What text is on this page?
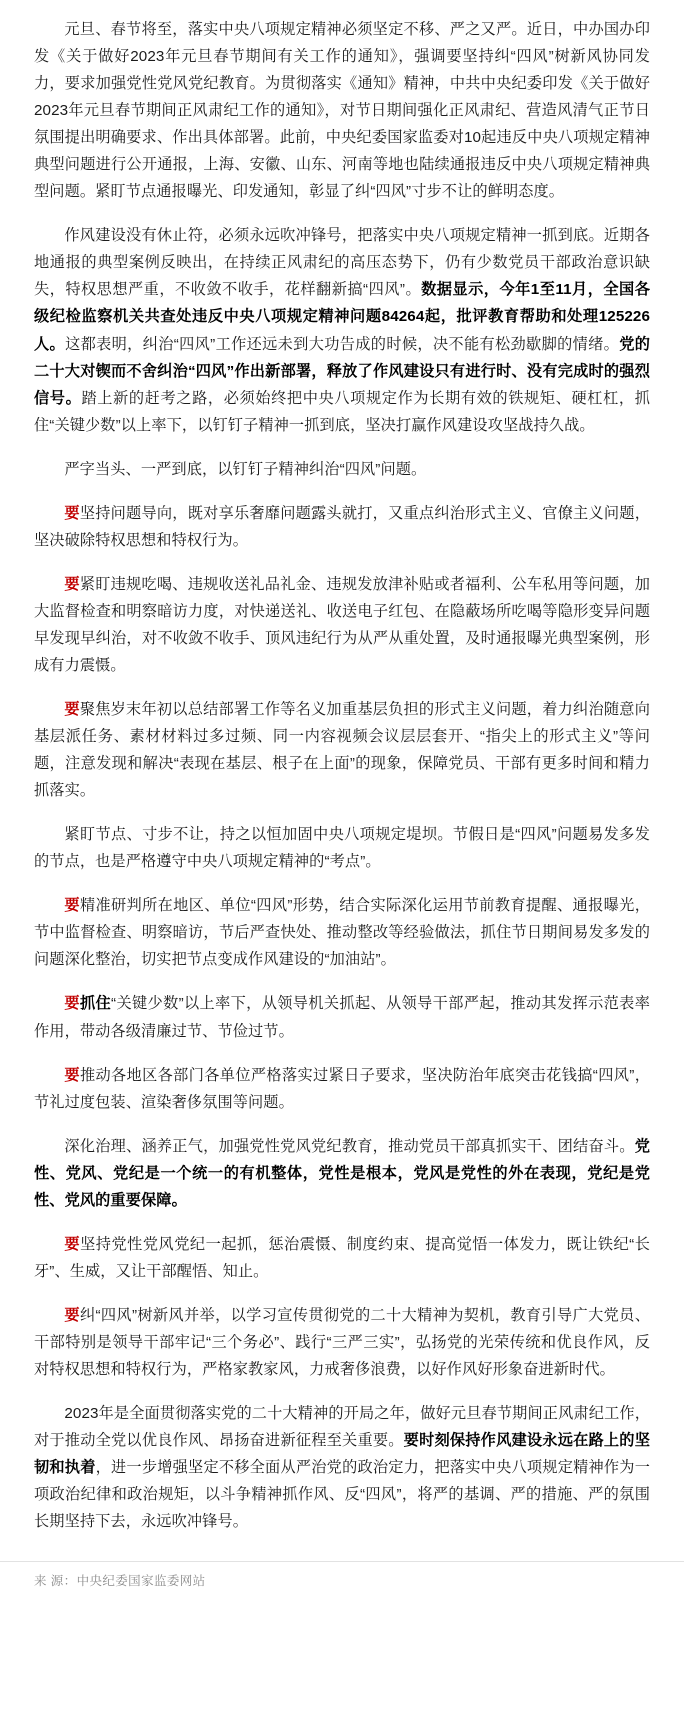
元旦、春节将至，落实中央八项规定精神必须坚定不移、严之又严。近日，中办国办印发《关于做好2023年元旦春节期间有关工作的通知》，强调要坚持纠“四风”树新风协同发力，要求加强党性党风党纪教育。为贯彻落实《通知》精神，中共中央纪委印发《关于做好2023年元旦春节期间正风肃纪工作的通知》，对节日期间强化正风肃纪、营造风清气正节日氛围提出明确要求、作出具体部署。此前，中央纪委国家监委对10起违反中央八项规定精神典型问题进行公开通报，上海、安徽、山东、河南等地也陆续通报违反中央八项规定精神典型问题。紧盯节点通报曝光、印发通知，彰显了纠“四风”寸步不让的鲜明态度。

作风建设没有休止符，必须永远吹冲锋号，把落实中央八项规定精神一抓到底。近期各地通报的典型案例反映出，在持续正风肃纪的高压态势下，仍有少数党员干部政治意识缺失，特权思想严重，不收敛不收手，花样翻新搞“四风”。数据显示，今年1至11月，全国各级纪检监察机关共查处违反中央八项规定精神问题84264起，批评教育帮助和处理125226人。这都表明，纠治“四风”工作还远未到大功告成的时候，决不能有松劲歇脚的情绪。党的二十大对锲而不舍纠治“四风”作出新部署，释放了作风建设只有进行时、没有完成时的强烈信号。踏上新的赶考之路，必须始终把中央八项规定作为长期有效的铁规矩、硬杠杠，抓住“关键少数”以上率下，以钉钉子精神一抓到底，坚决打赢作风建设攻坚战持久战。

严字当头、一严到底，以钉钉子精神纠治“四风”问题。

要坚持问题导向，既对享乐奢靡问题露头就打，又重点纠治形式主义、官僚主义问题，坚决破除特权思想和特权行为。

要紧盯违规吃喝、违规收送礼品礼金、违规发放津补贴或者福利、公车私用等问题，加大监督检查和明察暗访力度，对快递送礼、收送电子红包、在隐蔽场所吃喝等隐形变异问题早发现早纠治，对不收敛不收手、顶风违纪行为从严从重处置，及时通报曝光典型案例，形成有力震慑。

要聚焦岁末年初以总结部署工作等名义加重基层负担的形式主义问题，着力纠治随意向基层派任务、素材材料过多过频、同一内容视频会议层层套开、“指尖上的形式主义”等问题，注意发现和解决“表现在基层、根子在上面”的现象，保障党员、干部有更多时间和精力抓落实。

紧盯节点、寸步不让，持之以恒加固中央八项规定堤坝。节假日是“四风”问题易发多发的节点，也是严格遵守中央八项规定精神的“考点”。

要精准研判所在地区、单位“四风”形势，结合实际深化运用节前教育提醒、通报曝光，节中监督检查、明察暗访，节后严查快处、推动整改等经验做法，抓住节日期间易发多发的问题深化整治，切实把节点变成作风建设的“加油站”。

要抓住“关键少数”以上率下，从领导机关抓起、从领导干部严起，推动其发挥示范表率作用，带动各级清廉过节、节俭过节。

要推动各地区各部门各单位严格落实过紧日子要求，坚决防治年底突击花钱搞“四风”，节礼过度包装、渲染奢侈氛围等问题。

深化治理、涵养正气，加强党性党风党纪教育，推动党员干部真抓实干、团结奋斗。党性、党风、党纪是一个统一的有机整体，党性是根本，党风是党性的外在表现，党纪是党性、党风的重要保障。

要坚持党性党风党纪一起抓，惩治震慑、制度约束、提高觉悟一体发力，既让铁纪“长牙”、生威，又让干部醒悟、知止。

要纠“四风”树新风并举，以学习宣传贯彻党的二十大精神为契机，教育引导广大党员、干部特别是领导干部牢记“三个务必”、践行“三严三实”，弘扬党的光荣传统和优良作风，反对特权思想和特权行为，严格家教家风，力戒奢侈浪费，以好作风好形象奋进新时代。

2023年是全面贯彻落实党的二十大精神的开局之年，做好元旦春节期间正风肃纪工作，对于推动全党以优良作风、昂扬奋进新征程至关重要。要时刻保持作风建设永远在路上的坚韧和执着，进一步增强坚定不移全面从严治党的政治定力，把落实中央八项规定精神作为一项政治纪律和政治规矩，以斗争精神抓作风、反“四风”，将严的基调、严的措施、严的氛围长期坚持下去，永远吹冲锋号。

来 源：中央纪委国家监委网站
